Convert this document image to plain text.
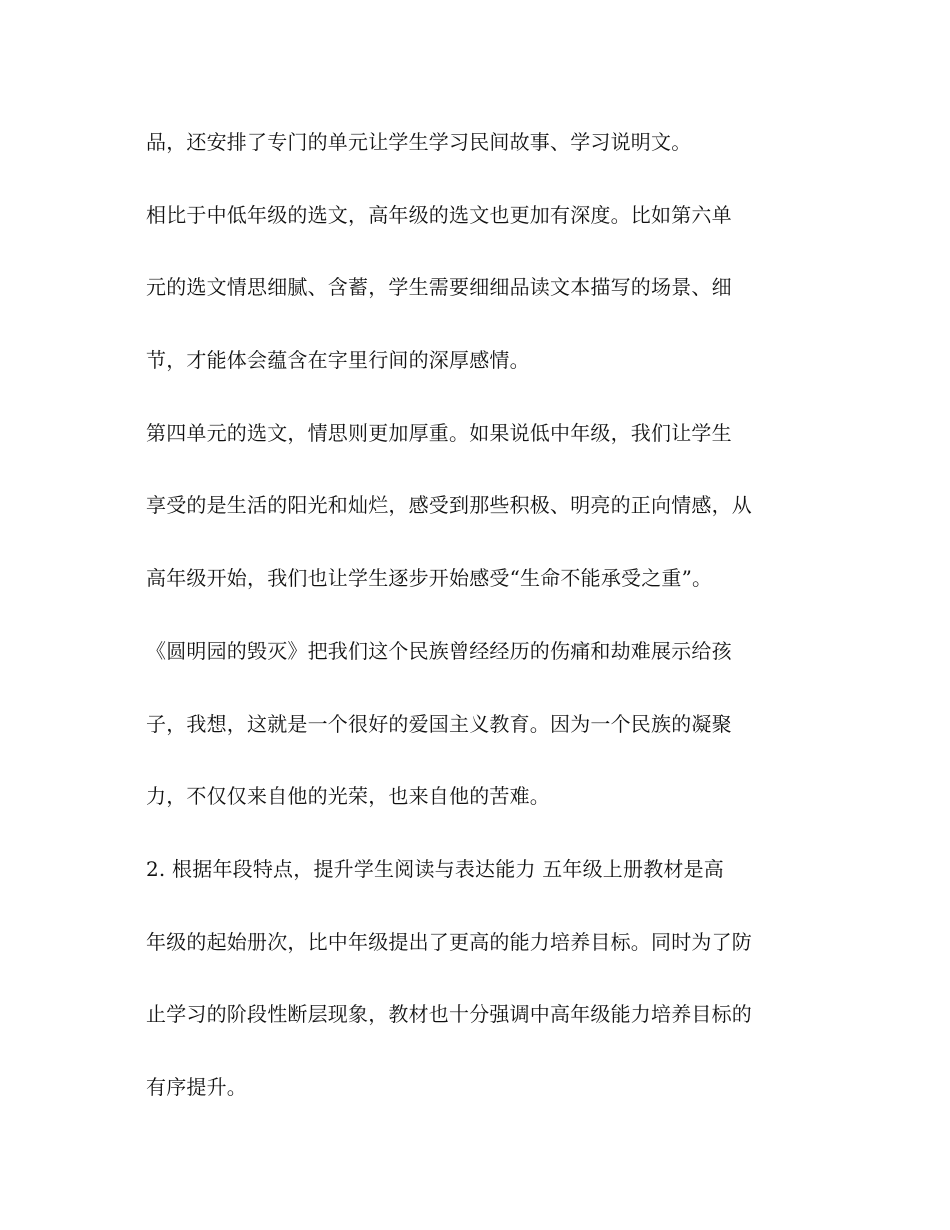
品，还安排了专门的单元让学生学习民间故事、学习说明文。
相比于中低年级的选文，高年级的选文也更加有深度。比如第六单
元的选文情思细腻、含蓄，学生需要细细品读文本描写的场景、细
节，才能体会蕴含在字里行间的深厚感情。
第四单元的选文，情思则更加厚重。如果说低中年级，我们让学生
享受的是生活的阳光和灿烂，感受到那些积极、明亮的正向情感，从
高年级开始，我们也让学生逐步开始感受“生命不能承受之重”。
《圆明园的毁灭》把我们这个民族曾经经历的伤痛和劫难展示给孩
子，我想，这就是一个很好的爱国主义教育。因为一个民族的凝聚
力，不仅仅来自他的光荣，也来自他的苦难。
2. 根据年段特点，提升学生阅读与表达能力 五年级上册教材是高
年级的起始册次，比中年级提出了更高的能力培养目标。同时为了防
止学习的阶段性断层现象，教材也十分强调中高年级能力培养目标的
有序提升。
